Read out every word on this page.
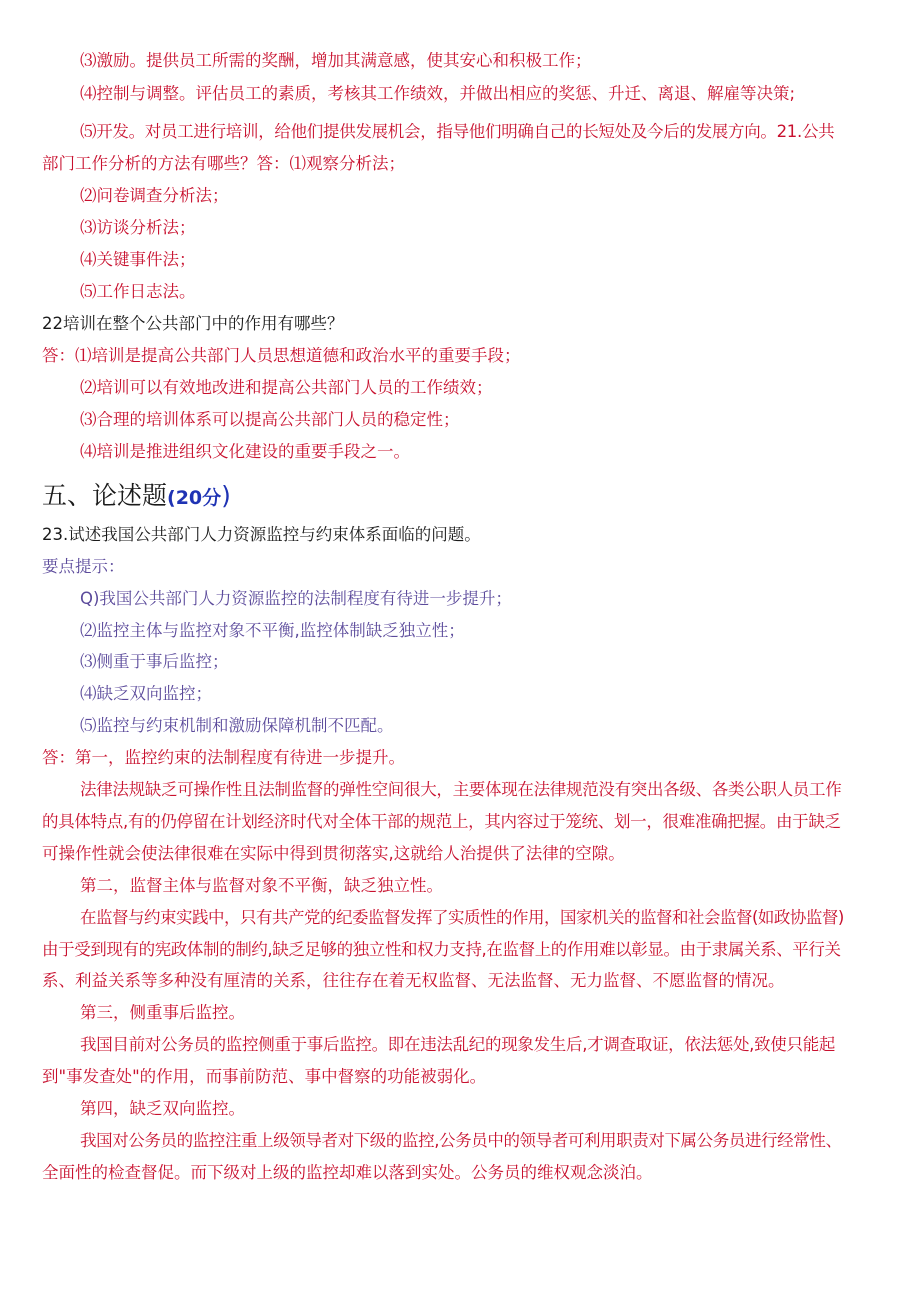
⑶激励。提供员工所需的奖酬，增加其满意感，使其安心和积极工作；
⑷控制与调整。评估员工的素质，考核其工作绩效，并做出相应的奖惩、升迁、离退、解雇等决策;
⑸开发。对员工进行培训，给他们提供发展机会，指导他们明确自己的长短处及今后的发展方向。21.公共
部门工作分析的方法有哪些？答：⑴观察分析法；
⑵问卷调查分析法；
⑶访谈分析法；
⑷关键事件法；
⑸工作日志法。
22培训在整个公共部门中的作用有哪些？
答：⑴培训是提高公共部门人员思想道德和政治水平的重要手段；
⑵培训可以有效地改进和提高公共部门人员的工作绩效；
⑶合理的培训体系可以提高公共部门人员的稳定性；
⑷培训是推进组织文化建设的重要手段之一。
五、论述题(20分)
23.试述我国公共部门人力资源监控与约束体系面临的问题。
要点提示：
Q)我国公共部门人力资源监控的法制程度有待进一步提升；
⑵监控主体与监控对象不平衡,监控体制缺乏独立性；
⑶侧重于事后监控；
⑷缺乏双向监控；
⑸监控与约束机制和激励保障机制不匹配。
答：第一，监控约束的法制程度有待进一步提升。
法律法规缺乏可操作性且法制监督的弹性空间很大，主要体现在法律规范没有突出各级、各类公职人员工作
的具体特点,有的仍停留在计划经济时代对全体干部的规范上，其内容过于笼统、划一，很难准确把握。由于缺乏
可操作性就会使法律很难在实际中得到贯彻落实,这就给人治提供了法律的空隙。
第二，监督主体与监督对象不平衡，缺乏独立性。
在监督与约束实践中，只有共产党的纪委监督发挥了实质性的作用，国家机关的监督和社会监督(如政协监督)
由于受到现有的宪政体制的制约,缺乏足够的独立性和权力支持,在监督上的作用难以彰显。由于隶属关系、平行关
系、利益关系等多种没有厘清的关系，往往存在着无权监督、无法监督、无力监督、不愿监督的情况。
第三，侧重事后监控。
我国目前对公务员的监控侧重于事后监控。即在违法乱纪的现象发生后,才调查取证，依法惩处,致使只能起
到"事发查处"的作用，而事前防范、事中督察的功能被弱化。
第四，缺乏双向监控。
我国对公务员的监控注重上级领导者对下级的监控,公务员中的领导者可利用职责对下属公务员进行经常性、
全面性的检查督促。而下级对上级的监控却难以落到实处。公务员的维权观念淡泊。
